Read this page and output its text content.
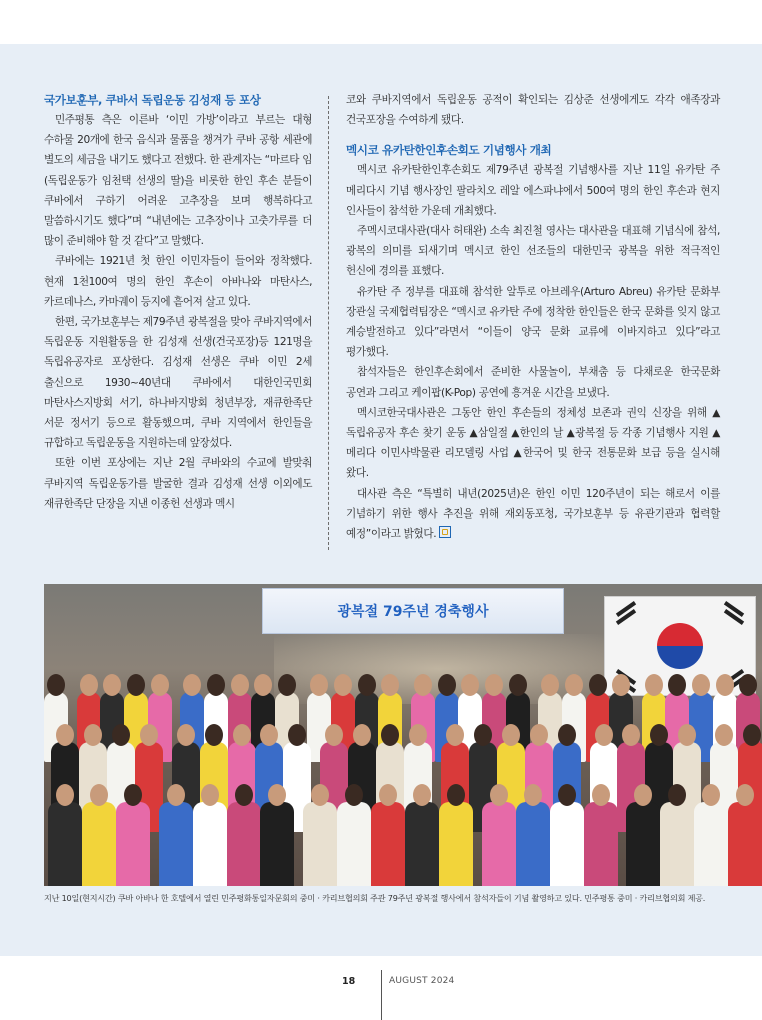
국가보훈부, 쿠바서 독립운동 김성재 등 포상

민주평통 측은 이른바 ‘이민 가방’이라고 부르는 대형 수하물 20개에 한국 음식과 물품을 챙겨가 쿠바 공항 세관에 별도의 세금을 내기도 했다고 전했다. 한 관계자는 “마르타 임(독립운동가 임천택 선생의 딸)을 비롯한 한인 후손 분들이 쿠바에서 구하기 어려운 고추장을 보며 행복하다고 말씀하시기도 했다”며 “내년에는 고추장이나 고춧가루를 더 많이 준비해야 할 것 같다”고 말했다.

쿠바에는 1921년 첫 한인 이민자들이 들어와 정착했다. 현재 1천100여 명의 한인 후손이 아바나와 마탄사스, 카르데나스, 카마궤이 등지에 흩어져 살고 있다.

한편, 국가보훈부는 제79주년 광복절을 맞아 쿠바지역에서 독립운동 지원활동을 한 김성재 선생(건국포장)등 121명을 독립유공자로 포상한다. 김성재 선생은 쿠바 이민 2세 출신으로 1930~40년대 쿠바에서 대한인국민회 마탄사스지방회 서기, 하나바지방회 청년부장, 재큐한족단 서문 정서기 등으로 활동했으며, 쿠바 지역에서 한인들을 규합하고 독립운동을 지원하는데 앞장섰다.

또한 이번 포상에는 지난 2월 쿠바와의 수교에 발맞춰 쿠바지역 독립운동가를 발굴한 결과 김성재 선생 이외에도 재큐한족단 단장을 지낸 이종헌 선생과 멕시

코와 쿠바지역에서 독립운동 공적이 확인되는 김상준 선생에게도 각각 애족장과 건국포장을 수여하게 됐다.

멕시코 유카탄한인후손회도 기념행사 개최

멕시코 유카탄한인후손회도 제79주년 광복절 기념행사를 지난 11일 유카탄 주 메리다시 기념 행사장인 팔라치오 레알 에스파냐에서 500여 명의 한인 후손과 현지 인사들이 참석한 가운데 개최했다.

주멕시코대사관(대사 허태완) 소속 최진철 영사는 대사관을 대표해 기념식에 참석, 광복의 의미를 되새기며 멕시코 한인 선조들의 대한민국 광복을 위한 적극적인 헌신에 경의를 표했다.

유카탄 주 정부를 대표해 참석한 알투로 아브레우(Arturo Abreu) 유카탄 문화부 장관실 국제협력팀장은 “멕시코 유카탄 주에 정착한 한인들은 한국 문화를 잊지 않고 계승발전하고 있다”라면서 “이들이 양국 문화 교류에 이바지하고 있다”라고 평가했다.

참석자들은 한인후손회에서 준비한 사물놀이, 부채춤 등 다채로운 한국문화 공연과 그리고 케이팝(K-Pop) 공연에 흥겨운 시간을 보냈다.

멕시코한국대사관은 그동안 한인 후손들의 정체성 보존과 권익 신장을 위해 ▲독립유공자 후손 찾기 운동 ▲삼일절 ▲한인의 날 ▲광복절 등 각종 기념행사 지원 ▲메리다 이민사박물관 리모델링 사업 ▲한국어 및 한국 전통문화 보급 등을 실시해 왔다.

대사관 측은 “특별히 내년(2025년)은 한인 이민 120주년이 되는 해로서 이를 기념하기 위한 행사 추진을 위해 재외동포청, 국가보훈부 등 유관기관과 협력할 예정”이라고 밝혔다.

광복절 79주년 경축행사
지난 10일(현지시간) 쿠바 아바나 한 호텔에서 열린 민주평화통일자문회의 중미 · 카리브협의회 주관 79주년 광복절 행사에서 참석자들이 기념 촬영하고 있다. 민주평통 중미 · 카리브협의회 제공.
18	AUGUST 2024
